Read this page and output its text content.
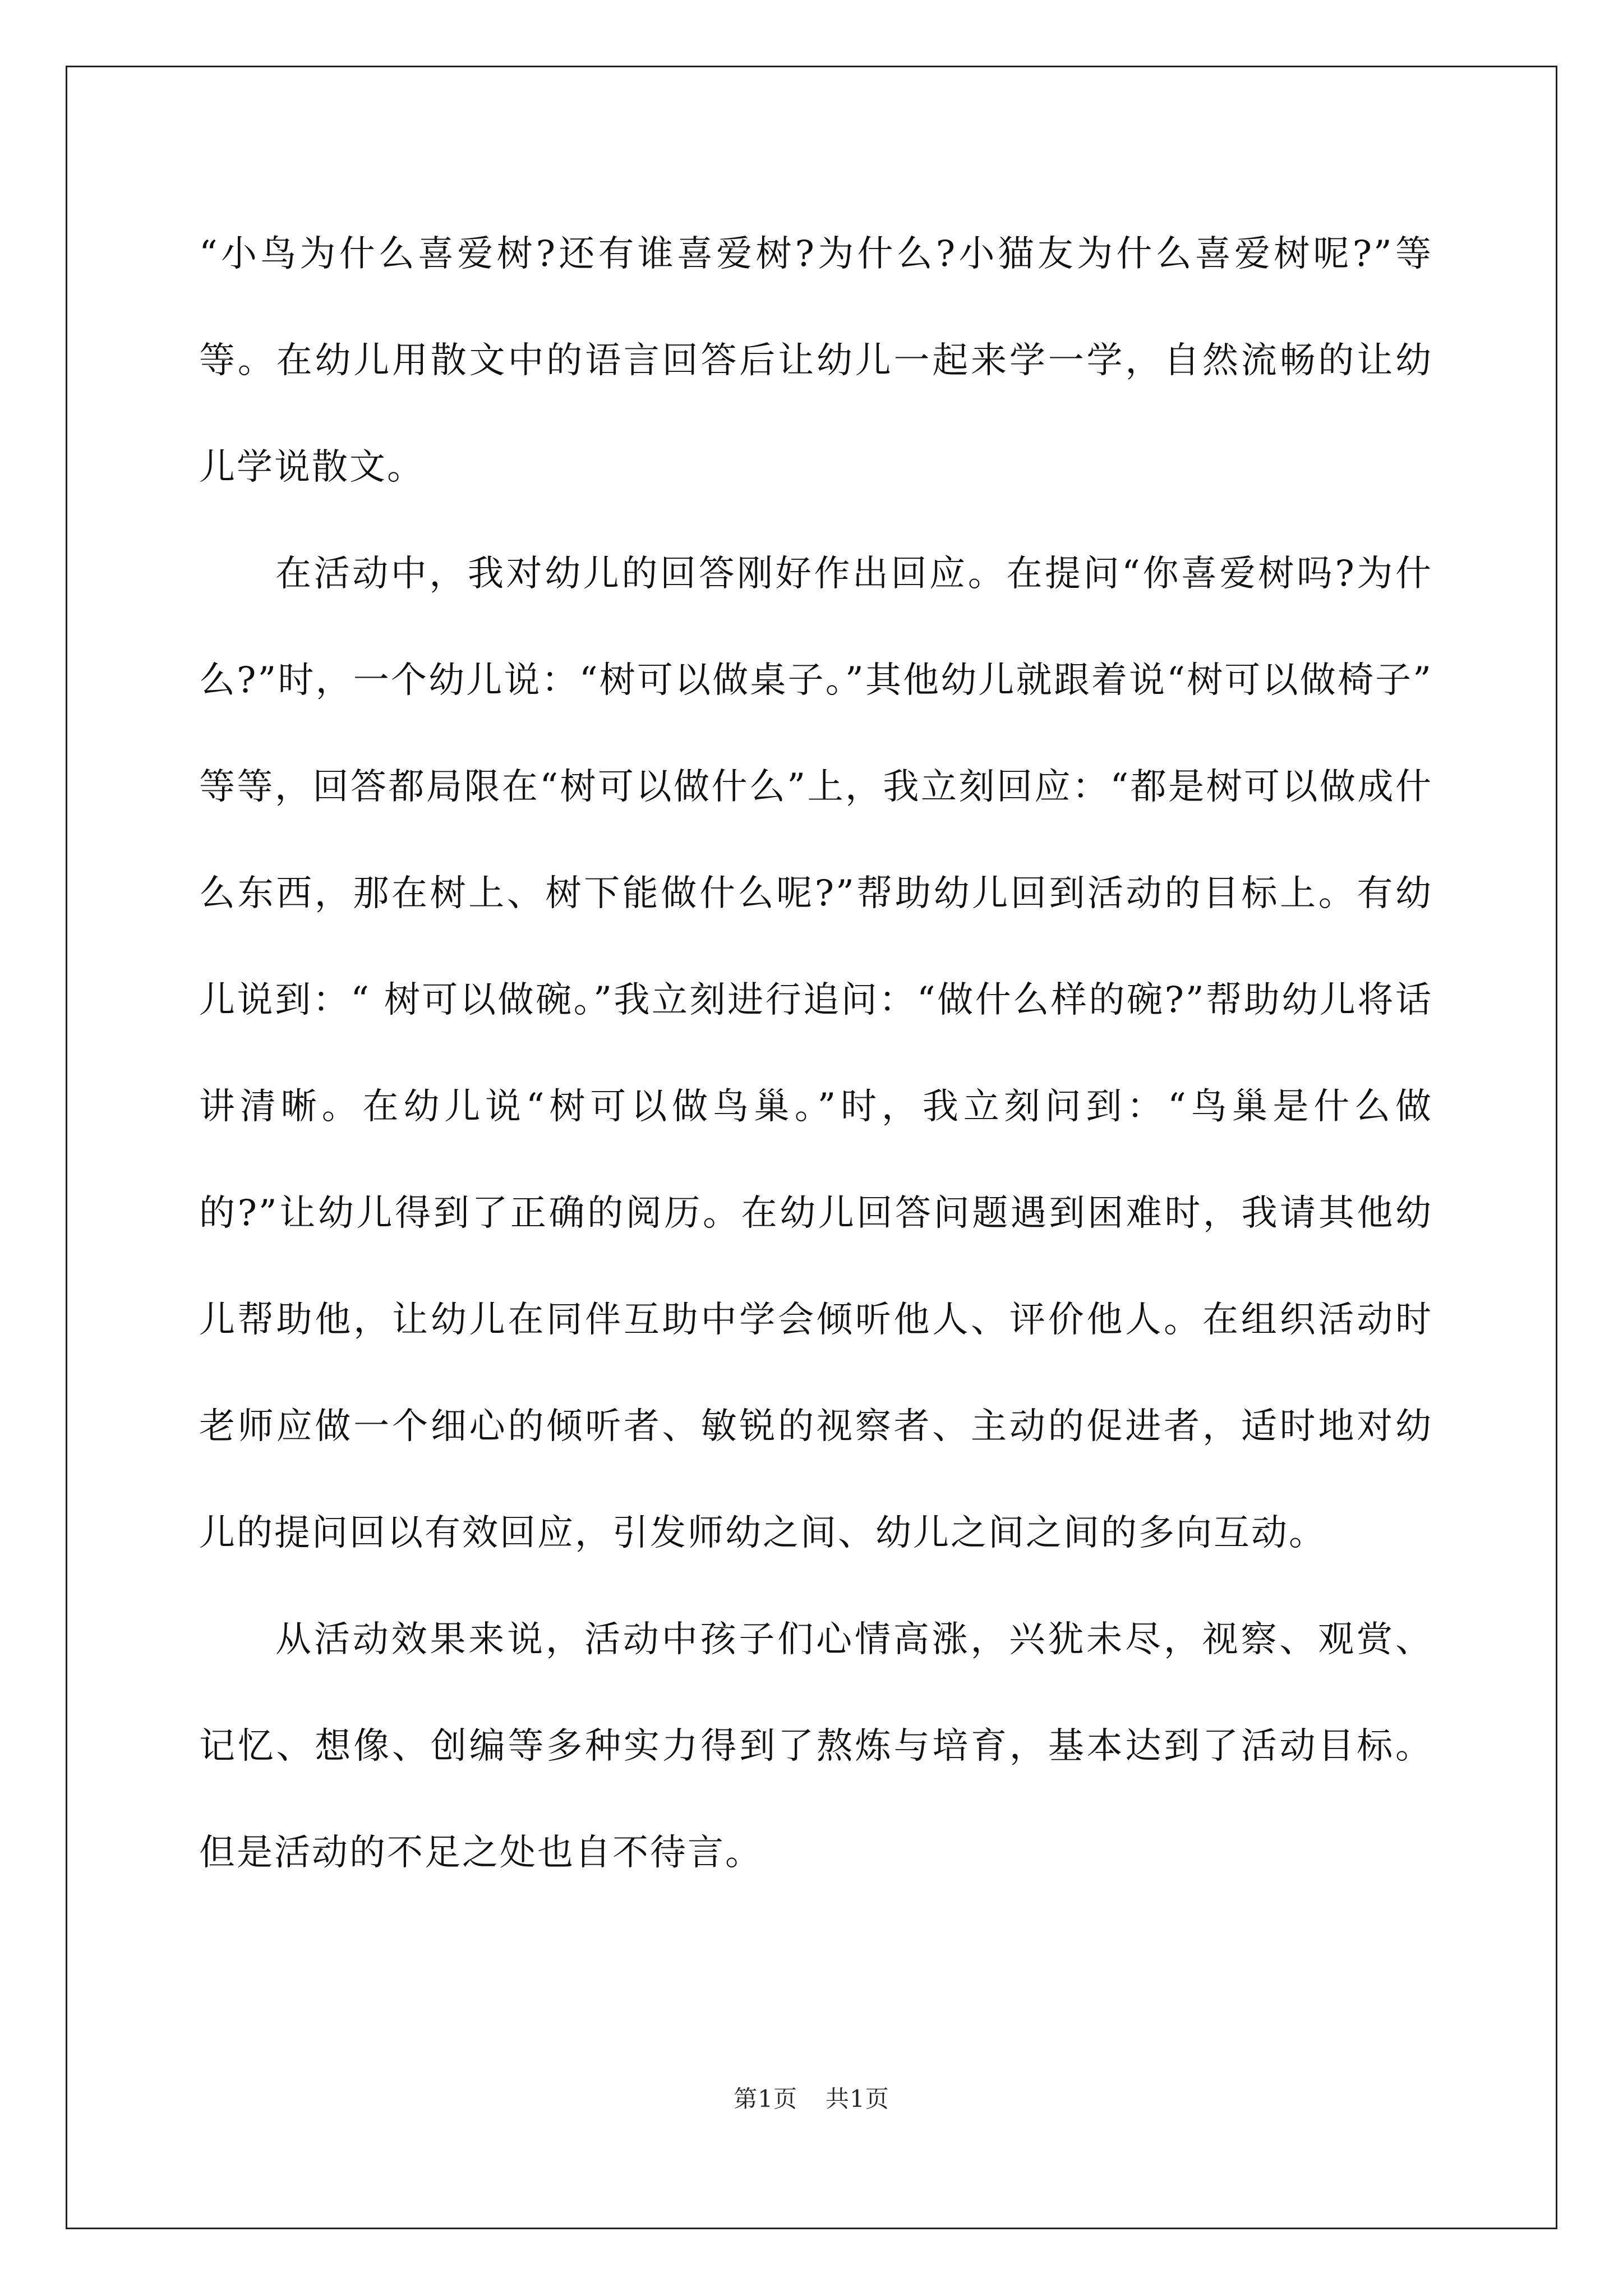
“小鸟为什么喜爱树?还有谁喜爱树?为什么?小猫友为什么喜爱树呢?”等等。在幼儿用散文中的语言回答后让幼儿一起来学一学，自然流畅的让幼儿学说散文。

在活动中，我对幼儿的回答刚好作出回应。在提问“你喜爱树吗?为什么?”时，一个幼儿说：“树可以做桌子。”其他幼儿就跟着说“树可以做椅子” 等等，回答都局限在“树可以做什么”上，我立刻回应：“都是树可以做成什么东西，那在树上、树下能做什么呢?”帮助幼儿回到活动的目标上。有幼儿说到：“ 树可以做碗。”我立刻进行追问：“做什么样的碗?”帮助幼儿将话讲清晰。在幼儿说“树可以做鸟巢。”时，我立刻问到：“鸟巢是什么做的?”让幼儿得到了正确的阅历。在幼儿回答问题遇到困难时，我请其他幼儿帮助他，让幼儿在同伴互助中学会倾听他人、评价他人。在组织活动时老师应做一个细心的倾听者、敏锐的视察者、主动的促进者，适时地对幼儿的提问回以有效回应，引发师幼之间、幼儿之间之间的多向互动。

从活动效果来说，活动中孩子们心情高涨，兴犹未尽，视察、观赏、记忆、想像、创编等多种实力得到了熬炼与培育，基本达到了活动目标。但是活动的不足之处也自不待言。

第1页 共1页
